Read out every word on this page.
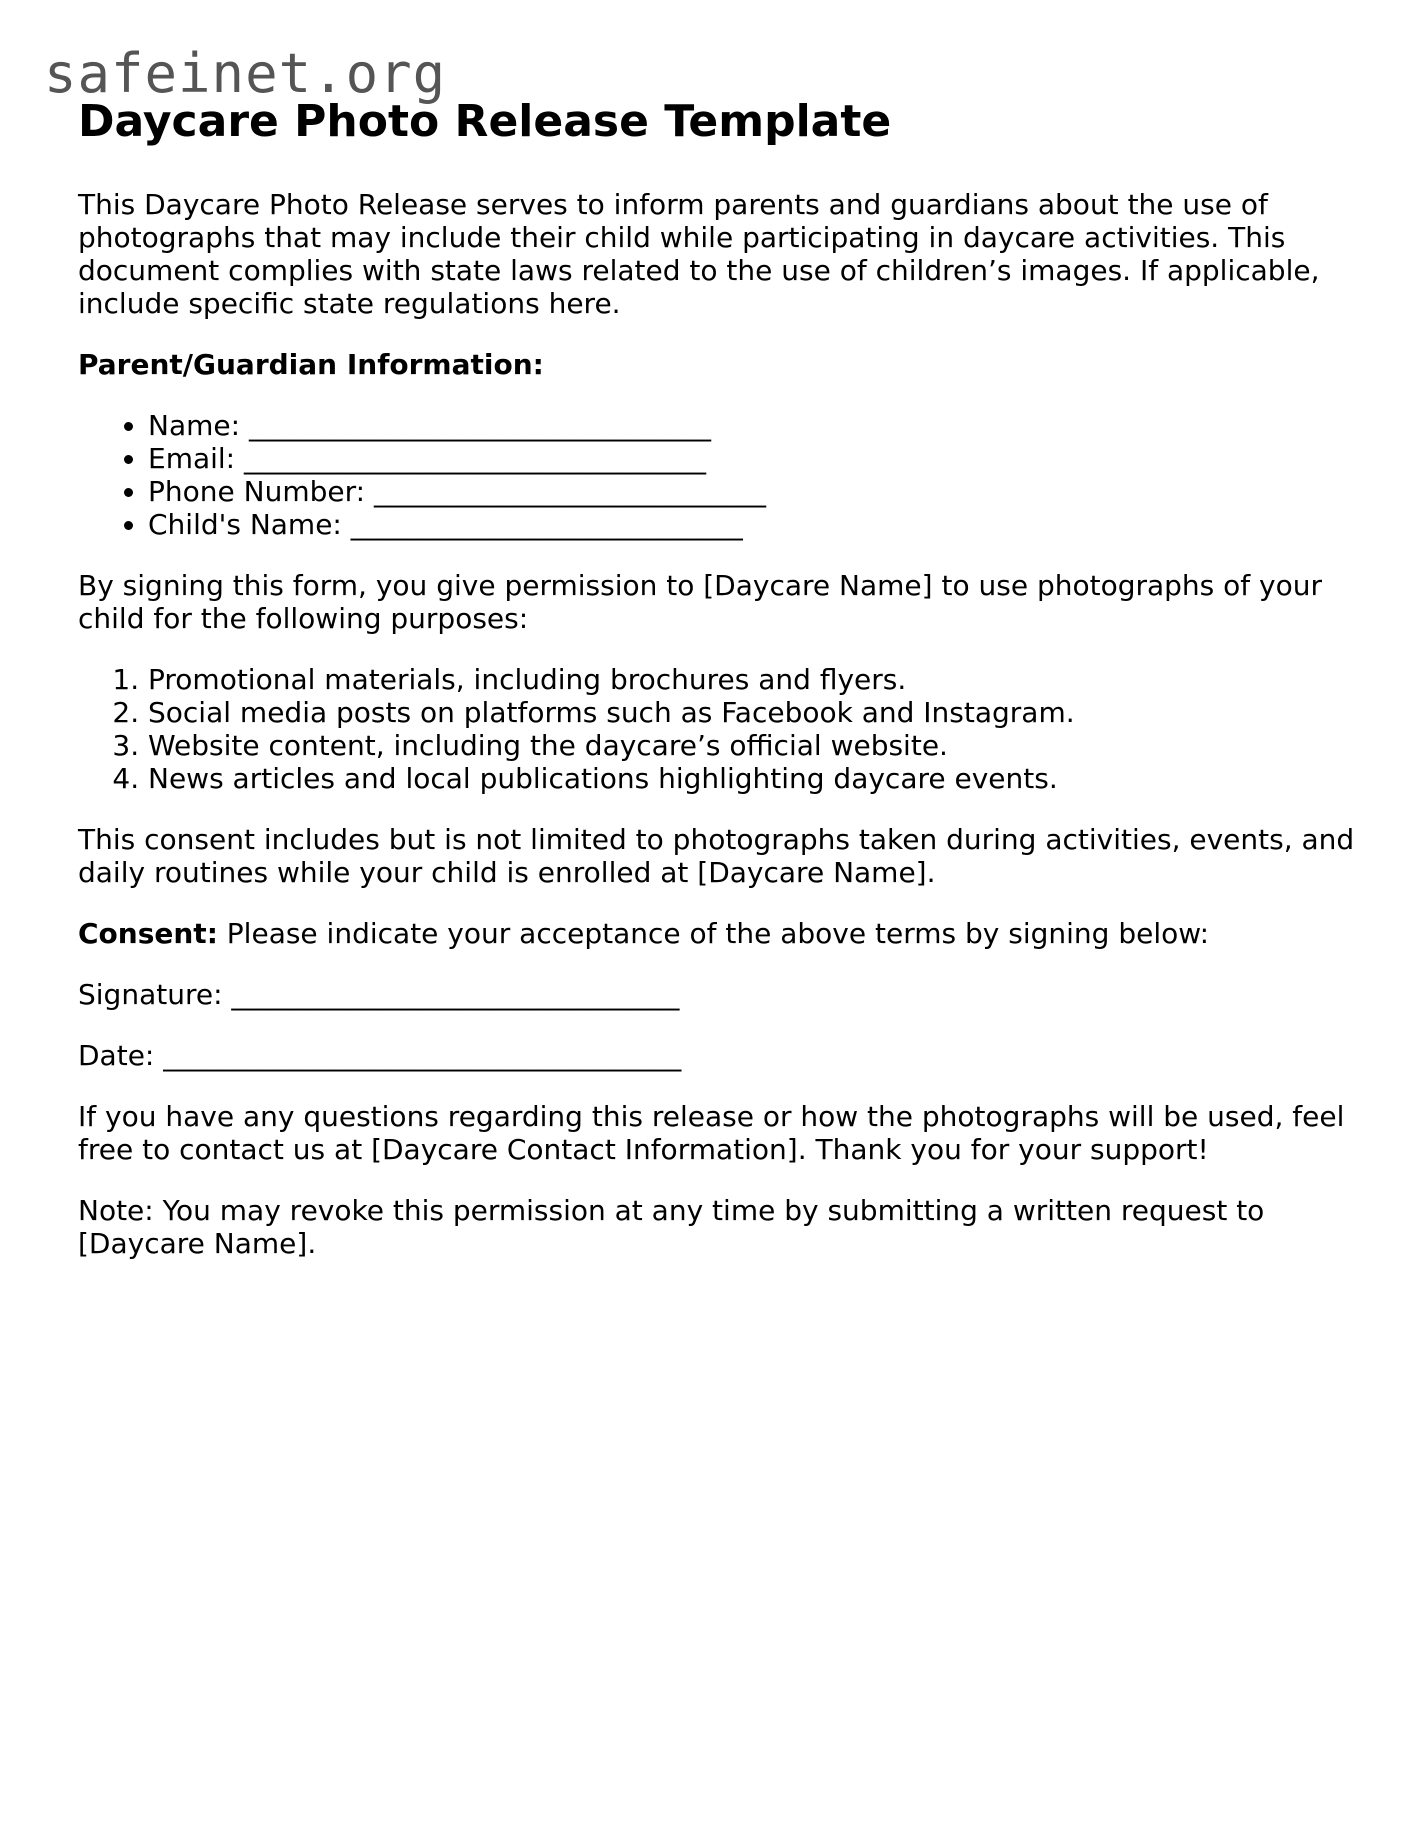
safeinet.org
Daycare Photo Release Template

This Daycare Photo Release serves to inform parents and guardians about the use of photographs that may include their child while participating in daycare activities. This document complies with state laws related to the use of children’s images. If applicable, include specific state regulations here.

Parent/Guardian Information:

• Name: _________________________________
• Email: _________________________________
• Phone Number: ____________________________
• Child's Name: ____________________________

By signing this form, you give permission to [Daycare Name] to use photographs of your child for the following purposes:

1. Promotional materials, including brochures and flyers.
2. Social media posts on platforms such as Facebook and Instagram.
3. Website content, including the daycare’s official website.
4. News articles and local publications highlighting daycare events.

This consent includes but is not limited to photographs taken during activities, events, and daily routines while your child is enrolled at [Daycare Name].

Consent: Please indicate your acceptance of the above terms by signing below:

Signature: ________________________________

Date: _____________________________________

If you have any questions regarding this release or how the photographs will be used, feel free to contact us at [Daycare Contact Information]. Thank you for your support!

Note: You may revoke this permission at any time by submitting a written request to [Daycare Name].
